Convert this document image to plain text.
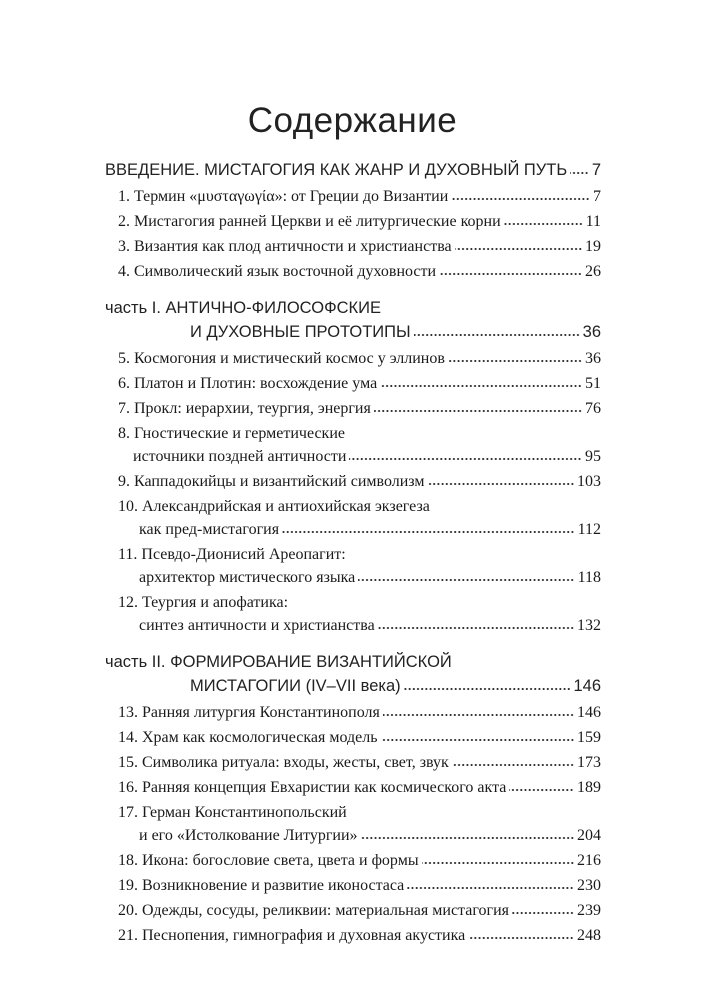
Содержание
ВВЕДЕНИЕ. МИСТАГОГИЯ КАК ЖАНР И ДУХОВНЫЙ ПУТЬ 7
1. Термин «μυσταγωγία»: от Греции до Византии	7
2. Мистагогия ранней Церкви и её литургические корни	11
3. Византия как плод античности и христианства	19
4. Символический язык восточной духовности	26
часть I. АНТИЧНО-ФИЛОСОФСКИЕ
И ДУХОВНЫЕ ПРОТОТИПЫ	36
5. Космогония и мистический космос у эллинов	36
6. Платон и Плотин: восхождение ума	51
7. Прокл: иерархии, теургия, энергия	76
8. Гностические и герметические
источники поздней античности	95
9. Каппадокийцы и византийский символизм	103
10. Александрийская и антиохийская экзегеза
как пред-мистагогия	112
11. Псевдо-Дионисий Ареопагит:
архитектор мистического языка	118
12. Теургия и апофатика:
синтез античности и христианства	132
часть II. ФОРМИРОВАНИЕ ВИЗАНТИЙСКОЙ
МИСТАГОГИИ (IV–VII века)	146
13. Ранняя литургия Константинополя	146
14. Храм как космологическая модель	159
15. Символика ритуала: входы, жесты, свет, звук	173
16. Ранняя концепция Евхаристии как космического акта	189
17. Герман Константинопольский
и его «Истолкование Литургии»	204
18. Икона: богословие света, цвета и формы	216
19. Возникновение и развитие иконостаса	230
20. Одежды, сосуды, реликвии: материальная мистагогия	239
21. Песнопения, гимнография и духовная акустика	248
